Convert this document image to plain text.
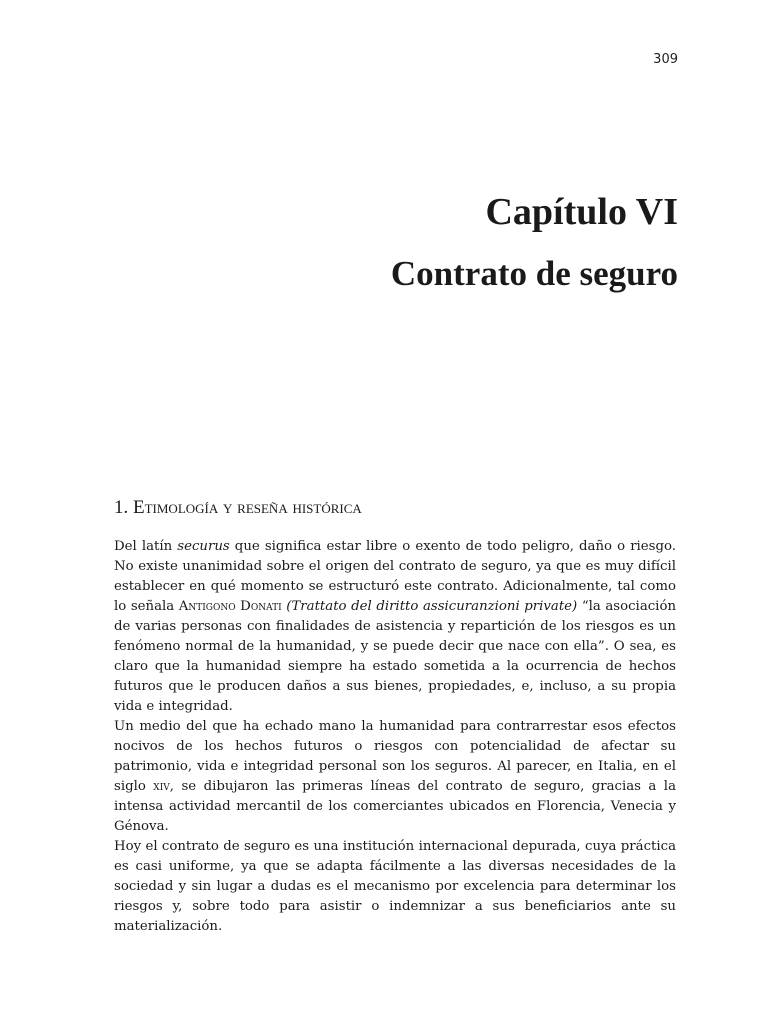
309
Capítulo VI
Contrato de seguro
1. Etimología y reseña histórica

Del latín securus que significa estar libre o exento de todo peligro, daño o riesgo. No existe unanimidad sobre el origen del contrato de seguro, ya que es muy difícil establecer en qué momento se estructuró este contrato. Adicionalmente, tal como lo señala Antigono Donati (Trattato del diritto assicuranzioni private) “la asociación de varias personas con finalidades de asistencia y repartición de los riesgos es un fenómeno normal de la humanidad, y se puede decir que nace con ella”. O sea, es claro que la humanidad siempre ha estado sometida a la ocurrencia de hechos futuros que le producen daños a sus bienes, propiedades, e, incluso, a su propia vida e integridad.

Un medio del que ha echado mano la humanidad para contrarrestar esos efectos nocivos de los hechos futuros o riesgos con potencialidad de afectar su patrimonio, vida e integridad personal son los seguros. Al parecer, en Italia, en el siglo xiv, se dibujaron las primeras líneas del contrato de seguro, gracias a la intensa actividad mercantil de los comerciantes ubicados en Florencia, Venecia y Génova.

Hoy el contrato de seguro es una institución internacional depurada, cuya práctica es casi uniforme, ya que se adapta fácilmente a las diversas necesidades de la sociedad y sin lugar a dudas es el mecanismo por excelencia para determinar los riesgos y, sobre todo para asistir o indemnizar a sus beneficiarios ante su materialización.
